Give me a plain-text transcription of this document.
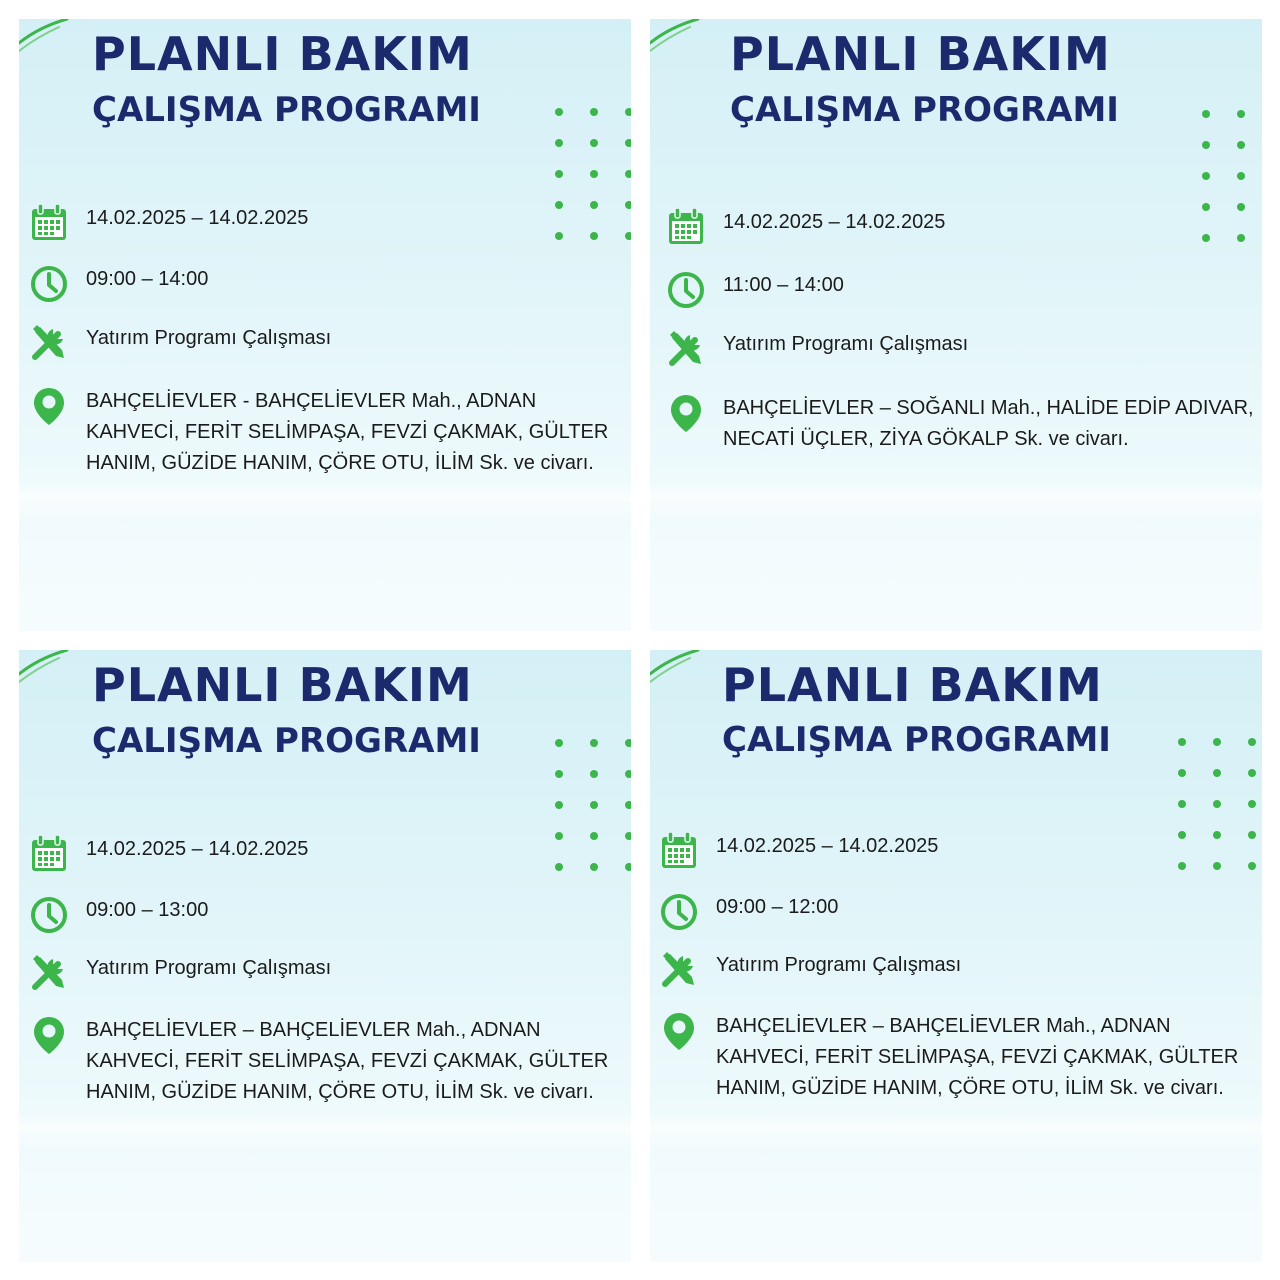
PLANLI BAKIM
ÇALIŞMA PROGRAMI
14.02.2025 – 14.02.2025
09:00 – 14:00
Yatırım Programı Çalışması
BAHÇELİEVLER - BAHÇELİEVLER Mah., ADNAN KAHVECİ, FERİT SELİMPAŞA, FEVZİ ÇAKMAK, GÜLTER HANIM, GÜZİDE HANIM, ÇÖRE OTU, İLİM Sk. ve civarı.
PLANLI BAKIM
ÇALIŞMA PROGRAMI
14.02.2025 – 14.02.2025
11:00 – 14:00
Yatırım Programı Çalışması
BAHÇELİEVLER – SOĞANLI Mah., HALİDE EDİP ADIVAR, NECATİ ÜÇLER, ZİYA GÖKALP Sk. ve civarı.
PLANLI BAKIM
ÇALIŞMA PROGRAMI
14.02.2025 – 14.02.2025
09:00 – 13:00
Yatırım Programı Çalışması
BAHÇELİEVLER – BAHÇELİEVLER Mah., ADNAN KAHVECİ, FERİT SELİMPAŞA, FEVZİ ÇAKMAK, GÜLTER HANIM, GÜZİDE HANIM, ÇÖRE OTU, İLİM Sk. ve civarı.
PLANLI BAKIM
ÇALIŞMA PROGRAMI
14.02.2025 – 14.02.2025
09:00 – 12:00
Yatırım Programı Çalışması
BAHÇELİEVLER – BAHÇELİEVLER Mah., ADNAN KAHVECİ, FERİT SELİMPAŞA, FEVZİ ÇAKMAK, GÜLTER HANIM, GÜZİDE HANIM, ÇÖRE OTU, İLİM Sk. ve civarı.
